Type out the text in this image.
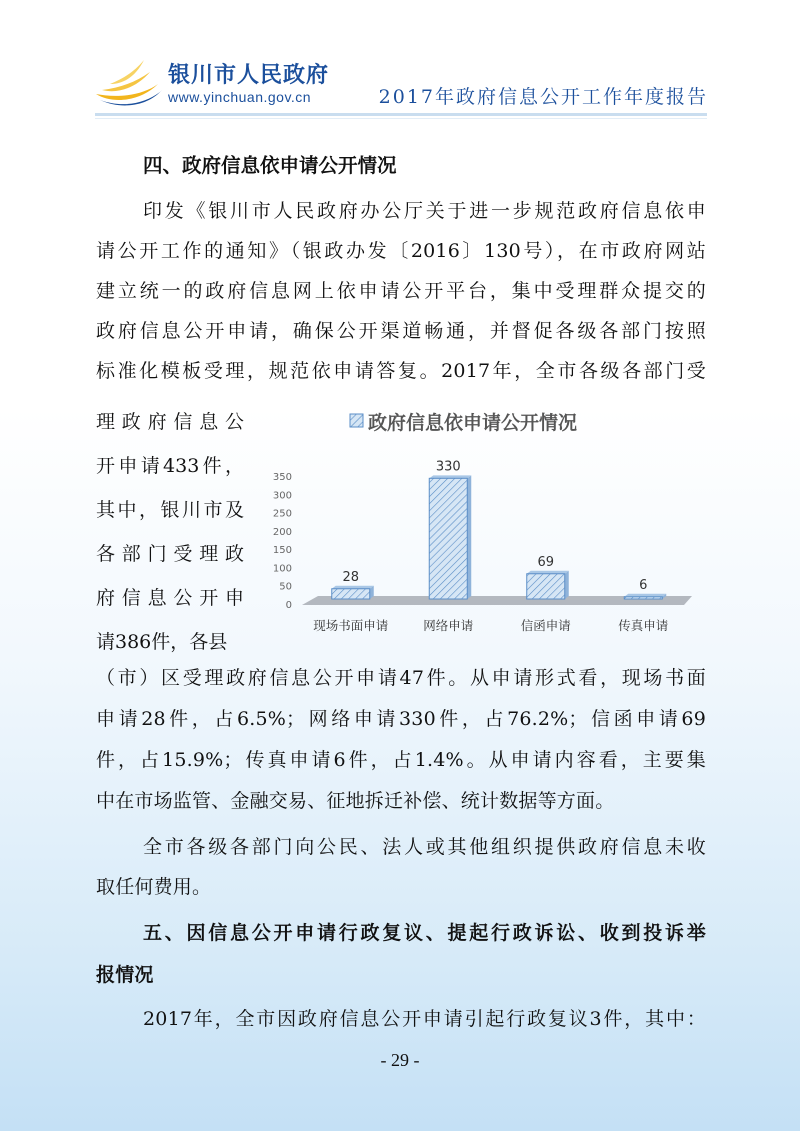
银川市人民政府
www.yinchuan.gov.cn	2017年政府信息公开工作年度报告
四、政府信息依申请公开情况
印发《银川市人民政府办公厅关于进一步规范政府信息依申
请公开工作的通知》（银政办发〔2016〕130号），在市政府网站
建立统一的政府信息网上依申请公开平台，集中受理群众提交的
政府信息公开申请，确保公开渠道畅通，并督促各级各部门按照
标准化模板受理，规范依申请答复。2017年，全市各级各部门受
理政府信息公
开申请433件，
其中，银川市及
各部门受理政
府信息公开申
请386件，各县
政府信息依申请公开情况
0
50
100
150
200
250
300
350
28
330
69
6
现场书面申请	网络申请	信函申请	传真申请
（市）区受理政府信息公开申请47件。从申请形式看，现场书面
申请28件，占6.5%；网络申请330件，占76.2%；信函申请69
件，占15.9%；传真申请6件，占1.4%。从申请内容看，主要集
中在市场监管、金融交易、征地拆迁补偿、统计数据等方面。
全市各级各部门向公民、法人或其他组织提供政府信息未收
取任何费用。
五、因信息公开申请行政复议、提起行政诉讼、收到投诉举
报情况
2017年，全市因政府信息公开申请引起行政复议3件，其中：
- 29 -
